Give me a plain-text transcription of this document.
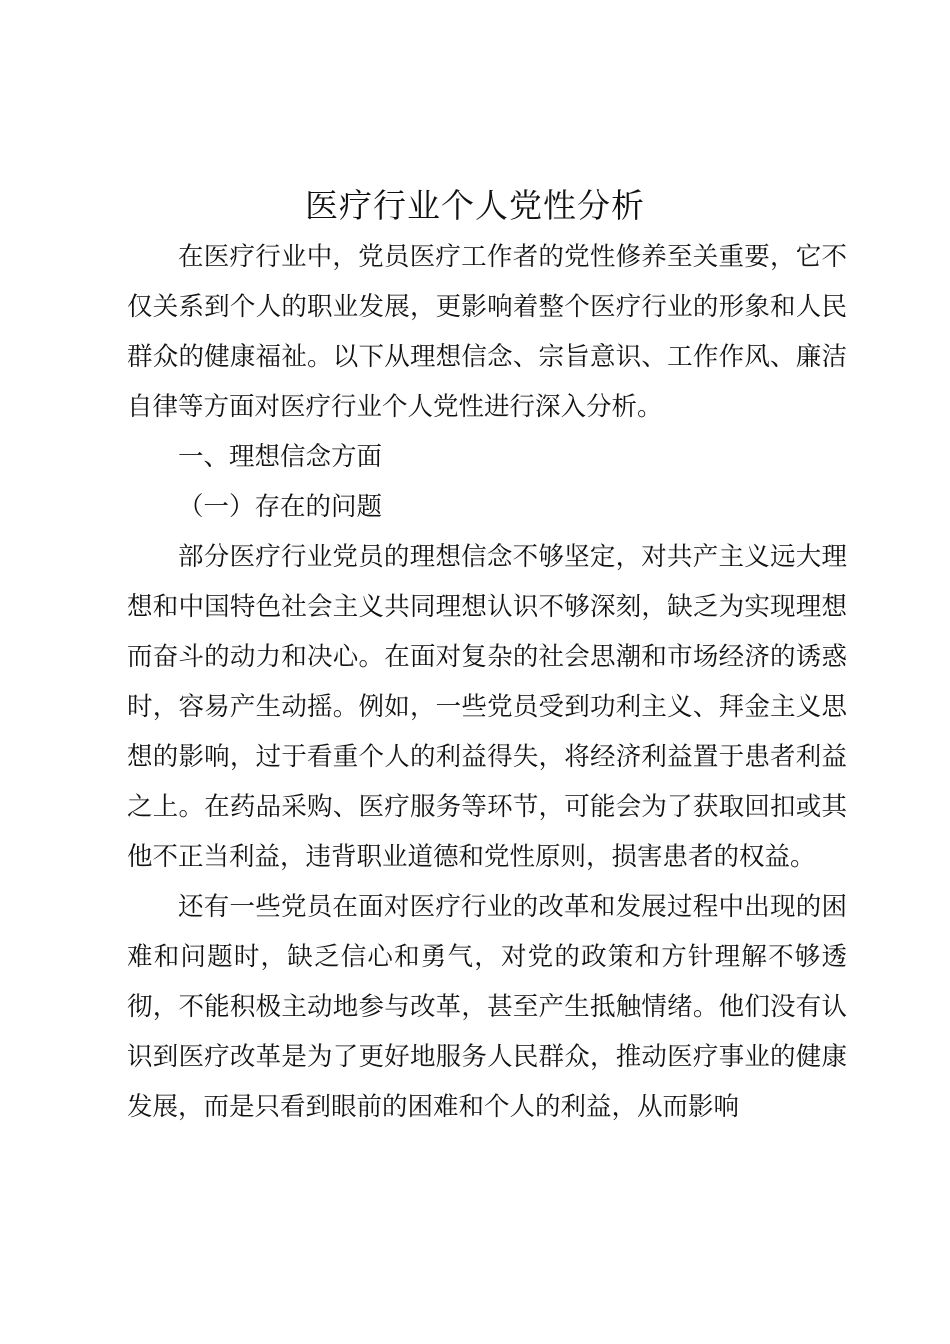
医疗行业个人党性分析

在医疗行业中，党员医疗工作者的党性修养至关重要，它不仅关系到个人的职业发展，更影响着整个医疗行业的形象和人民群众的健康福祉。以下从理想信念、宗旨意识、工作作风、廉洁自律等方面对医疗行业个人党性进行深入分析。

一、理想信念方面

（一）存在的问题

部分医疗行业党员的理想信念不够坚定，对共产主义远大理想和中国特色社会主义共同理想认识不够深刻，缺乏为实现理想而奋斗的动力和决心。在面对复杂的社会思潮和市场经济的诱惑时，容易产生动摇。例如，一些党员受到功利主义、拜金主义思想的影响，过于看重个人的利益得失，将经济利益置于患者利益之上。在药品采购、医疗服务等环节，可能会为了获取回扣或其他不正当利益，违背职业道德和党性原则，损害患者的权益。

还有一些党员在面对医疗行业的改革和发展过程中出现的困难和问题时，缺乏信心和勇气，对党的政策和方针理解不够透彻，不能积极主动地参与改革，甚至产生抵触情绪。他们没有认识到医疗改革是为了更好地服务人民群众，推动医疗事业的健康发展，而是只看到眼前的困难和个人的利益，从而影响
